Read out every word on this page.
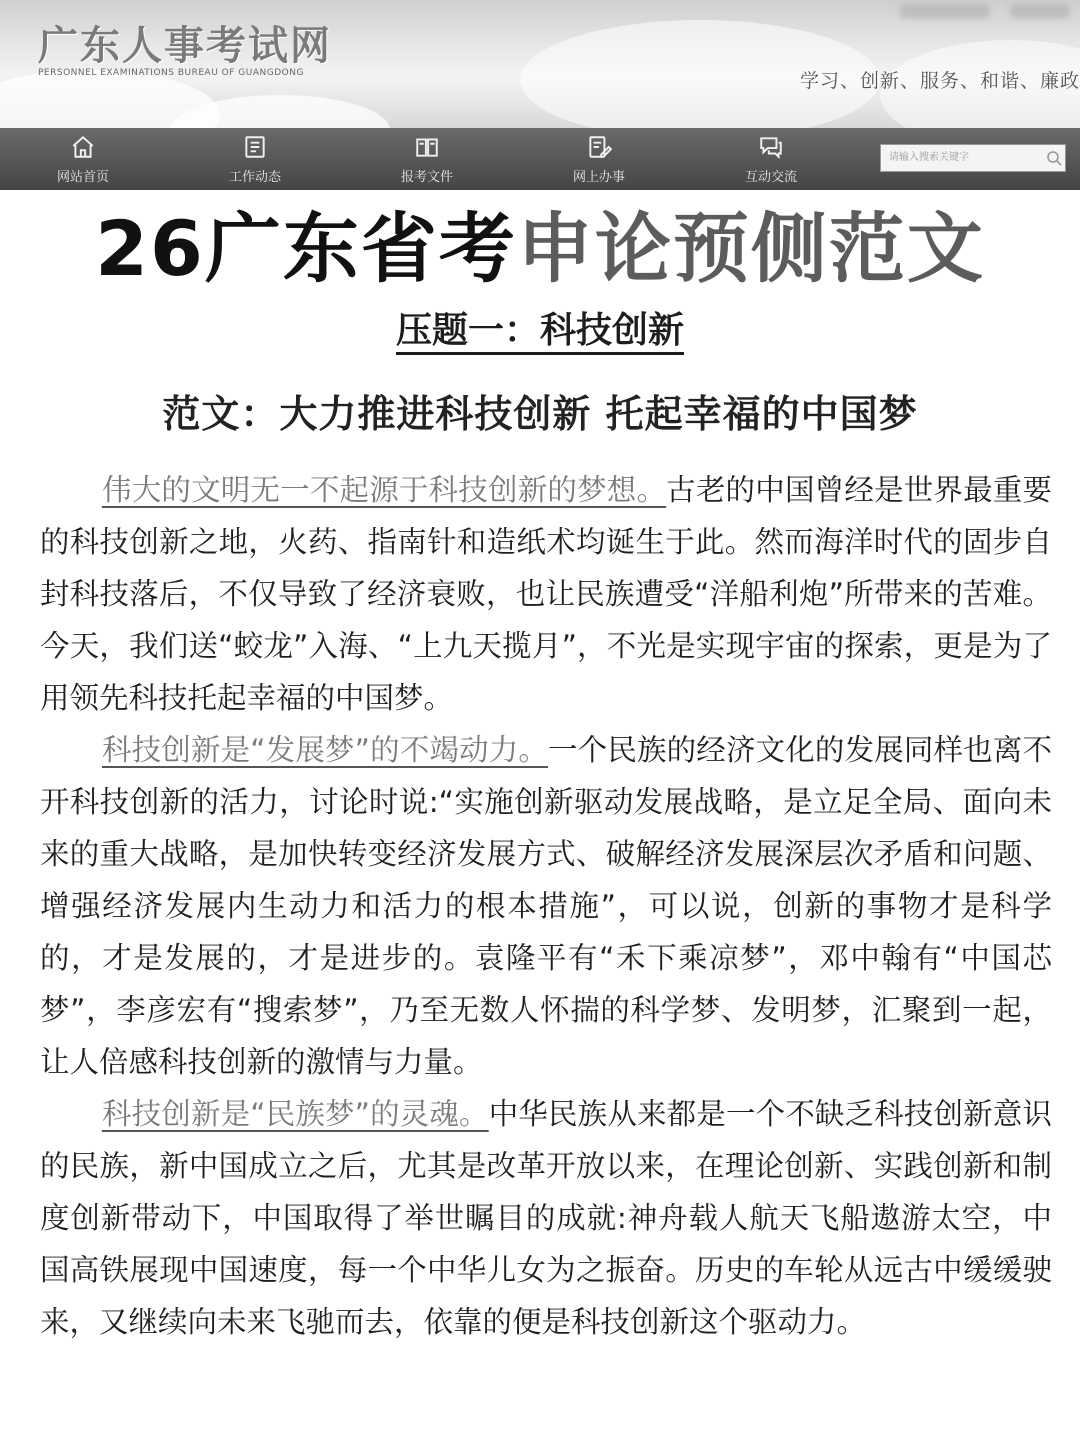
广东人事考试网
PERSONNEL EXAMINATIONS BUREAU OF GUANGDONG	学习、创新、服务、和谐、廉政
网站首页	工作动态	报考文件	网上办事	互动交流
请输入搜索关键字
26广东省考申论预侧范文
压题一：科技创新
范文：大力推进科技创新 托起幸福的中国梦

伟大的文明无一不起源于科技创新的梦想。古老的中国曾经是世界最重要的科技创新之地，火药、指南针和造纸术均诞生于此。然而海洋时代的固步自封科技落后，不仅导致了经济衰败，也让民族遭受“洋船利炮”所带来的苦难。今天，我们送“蛟龙”入海、“上九天揽月”，不光是实现宇宙的探索，更是为了用领先科技托起幸福的中国梦。

科技创新是“发展梦”的不竭动力。一个民族的经济文化的发展同样也离不开科技创新的活力，讨论时说:“实施创新驱动发展战略，是立足全局、面向未来的重大战略，是加快转变经济发展方式、破解经济发展深层次矛盾和问题、增强经济发展内生动力和活力的根本措施”，可以说，创新的事物才是科学的，才是发展的，才是进步的。袁隆平有“禾下乘凉梦”，邓中翰有“中国芯梦”，李彦宏有“搜索梦”，乃至无数人怀揣的科学梦、发明梦，汇聚到一起，让人倍感科技创新的激情与力量。

科技创新是“民族梦”的灵魂。中华民族从来都是一个不缺乏科技创新意识的民族，新中国成立之后，尤其是改革开放以来，在理论创新、实践创新和制度创新带动下，中国取得了举世瞩目的成就:神舟载人航天飞船遨游太空，中国高铁展现中国速度，每一个中华儿女为之振奋。历史的车轮从远古中缓缓驶来，又继续向未来飞驰而去，依靠的便是科技创新这个驱动力。
